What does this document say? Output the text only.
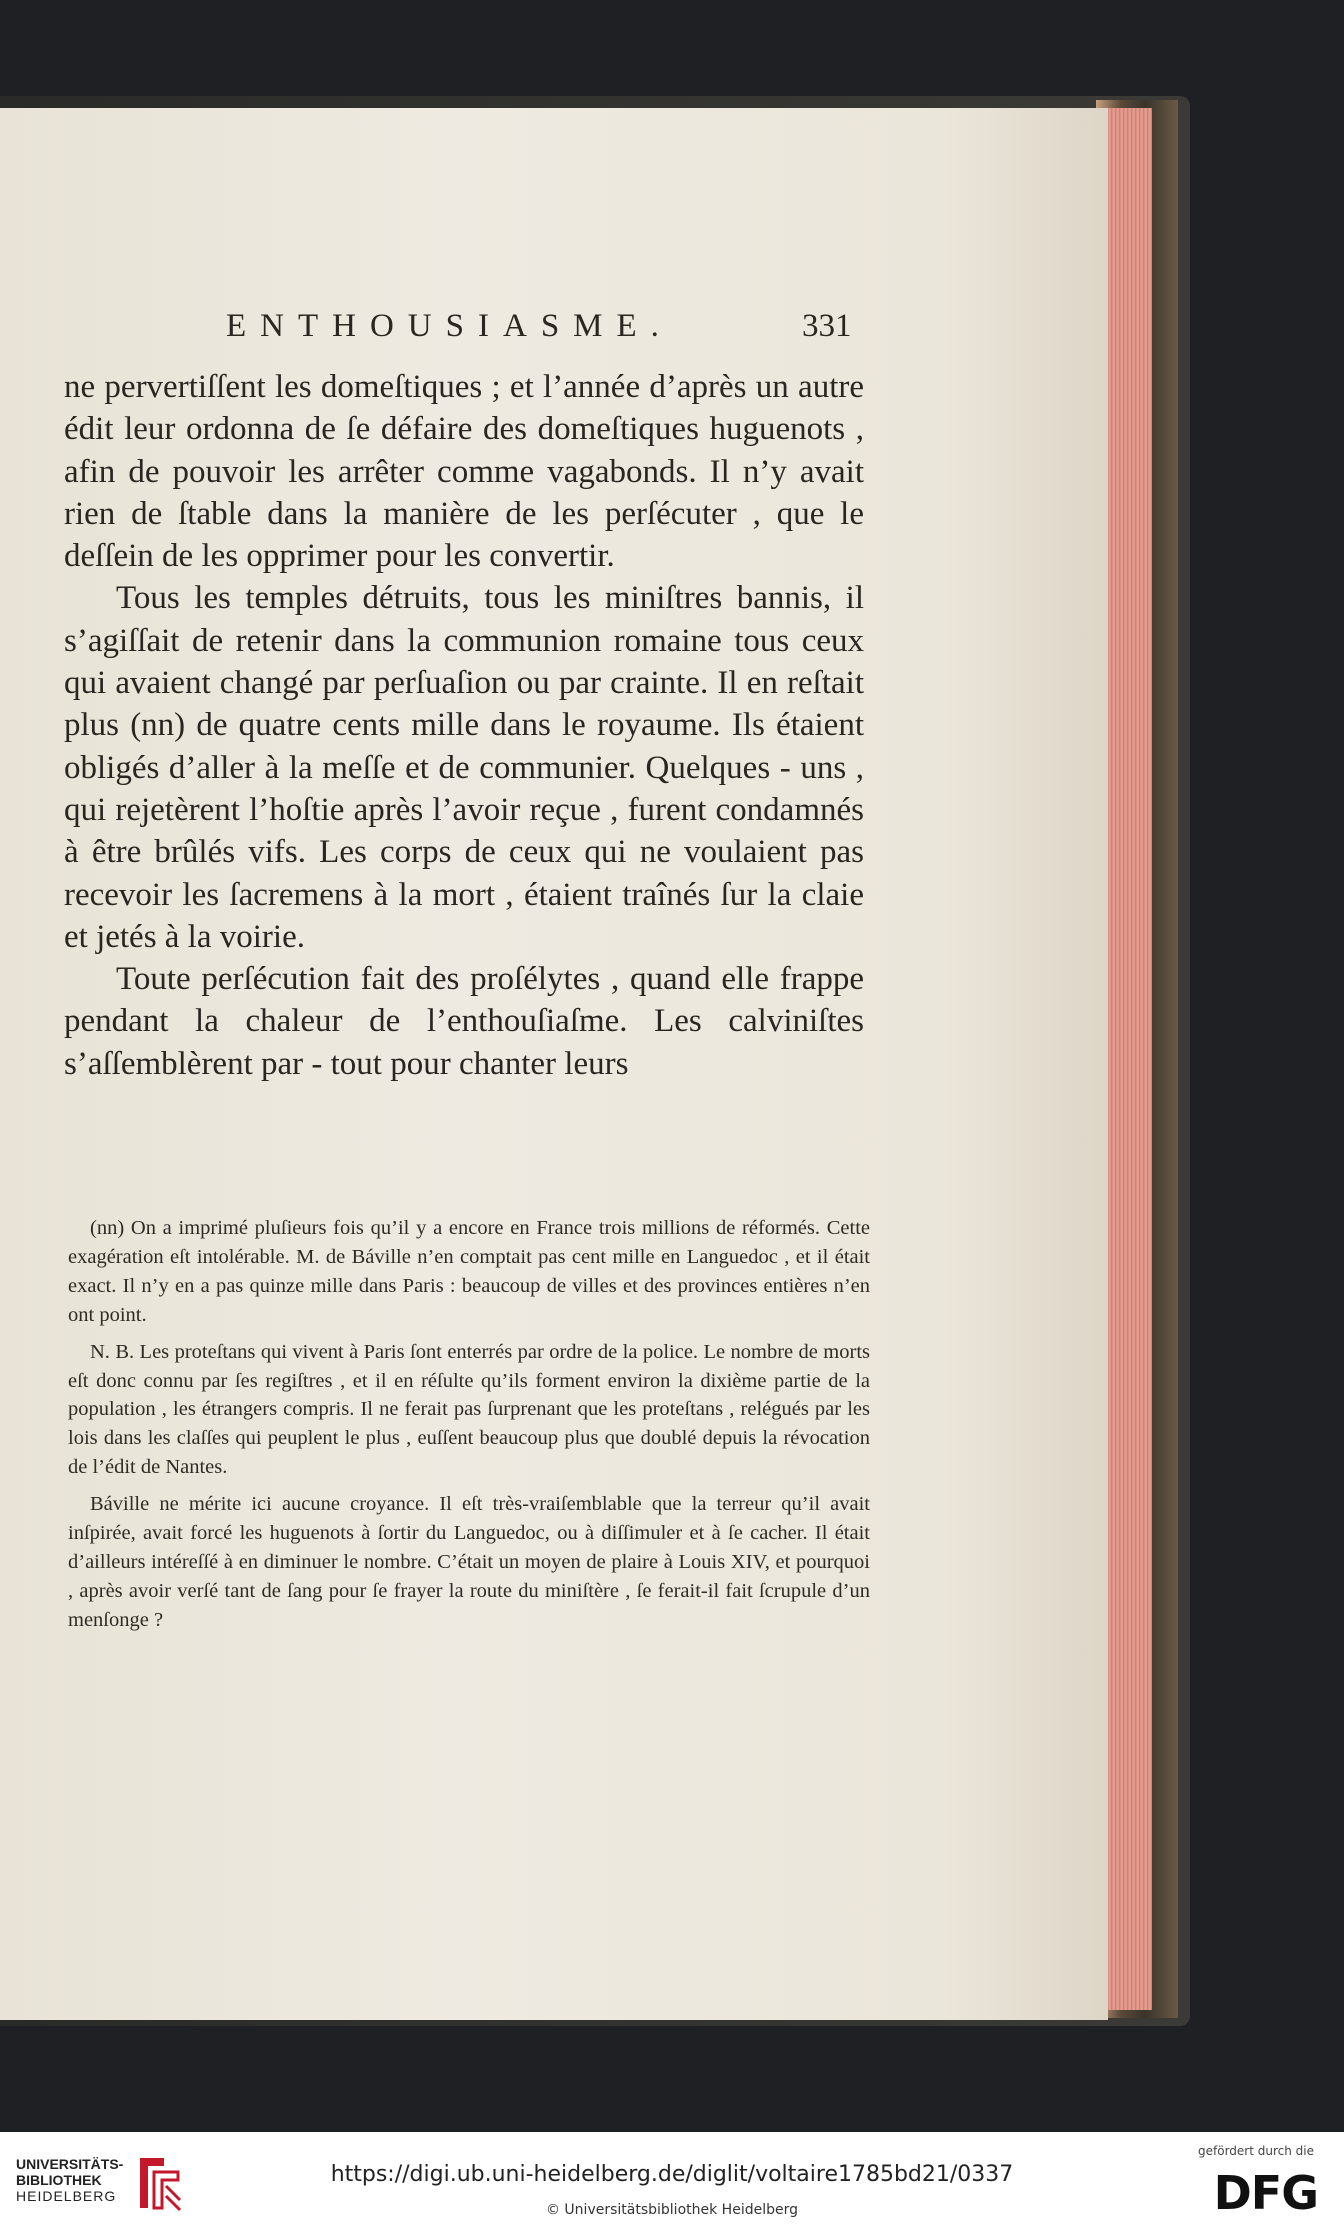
ENTHOUSIASME.	331

ne pervertiſſent les domeſtiques ; et l’année d’après un autre édit leur ordonna de ſe défaire des domeſtiques huguenots , afin de pouvoir les arrêter comme vagabonds. Il n’y avait rien de ſtable dans la manière de les perſécuter , que le deſſein de les opprimer pour les convertir.

Tous les temples détruits, tous les miniſtres bannis, il s’agiſſait de retenir dans la communion romaine tous ceux qui avaient changé par perſuaſion ou par crainte. Il en reſtait plus (nn) de quatre cents mille dans le royaume. Ils étaient obligés d’aller à la meſſe et de communier. Quelques - uns , qui rejetèrent l’hoſtie après l’avoir reçue , furent condamnés à être brûlés vifs. Les corps de ceux qui ne voulaient pas recevoir les ſacremens à la mort , étaient traînés ſur la claie et jetés à la voirie.

Toute perſécution fait des proſélytes , quand elle frappe pendant la chaleur de l’enthouſiaſme. Les calviniſtes s’aſſemblèrent par - tout pour chanter leurs

(nn) On a imprimé pluſieurs fois qu’il y a encore en France trois millions de réformés. Cette exagération eſt intolérable. M. de Báville n’en comptait pas cent mille en Languedoc , et il était exact. Il n’y en a pas quinze mille dans Paris : beaucoup de villes et des provinces entières n’en ont point.

N. B. Les proteſtans qui vivent à Paris ſont enterrés par ordre de la police. Le nombre de morts eſt donc connu par ſes regiſtres , et il en réſulte qu’ils forment environ la dixième partie de la population , les étrangers compris. Il ne ferait pas ſurprenant que les proteſtans , relégués par les lois dans les claſſes qui peuplent le plus , euſſent beaucoup plus que doublé depuis la révocation de l’édit de Nantes.

Báville ne mérite ici aucune croyance. Il eſt très-vraiſemblable que la terreur qu’il avait inſpirée, avait forcé les huguenots à ſortir du Languedoc, ou à diſſimuler et à ſe cacher. Il était d’ailleurs intéreſſé à en diminuer le nombre. C’était un moyen de plaire à Louis XIV, et pourquoi , après avoir verſé tant de ſang pour ſe frayer la route du miniſtère , ſe ferait-il fait ſcrupule d’un menſonge ?

UNIVERSITÄTS-
BIBLIOTHEK
HEIDELBERG
https://digi.ub.uni-heidelberg.de/diglit/voltaire1785bd21/0337
© Universitätsbibliothek Heidelberg
gefördert durch die
DFG
